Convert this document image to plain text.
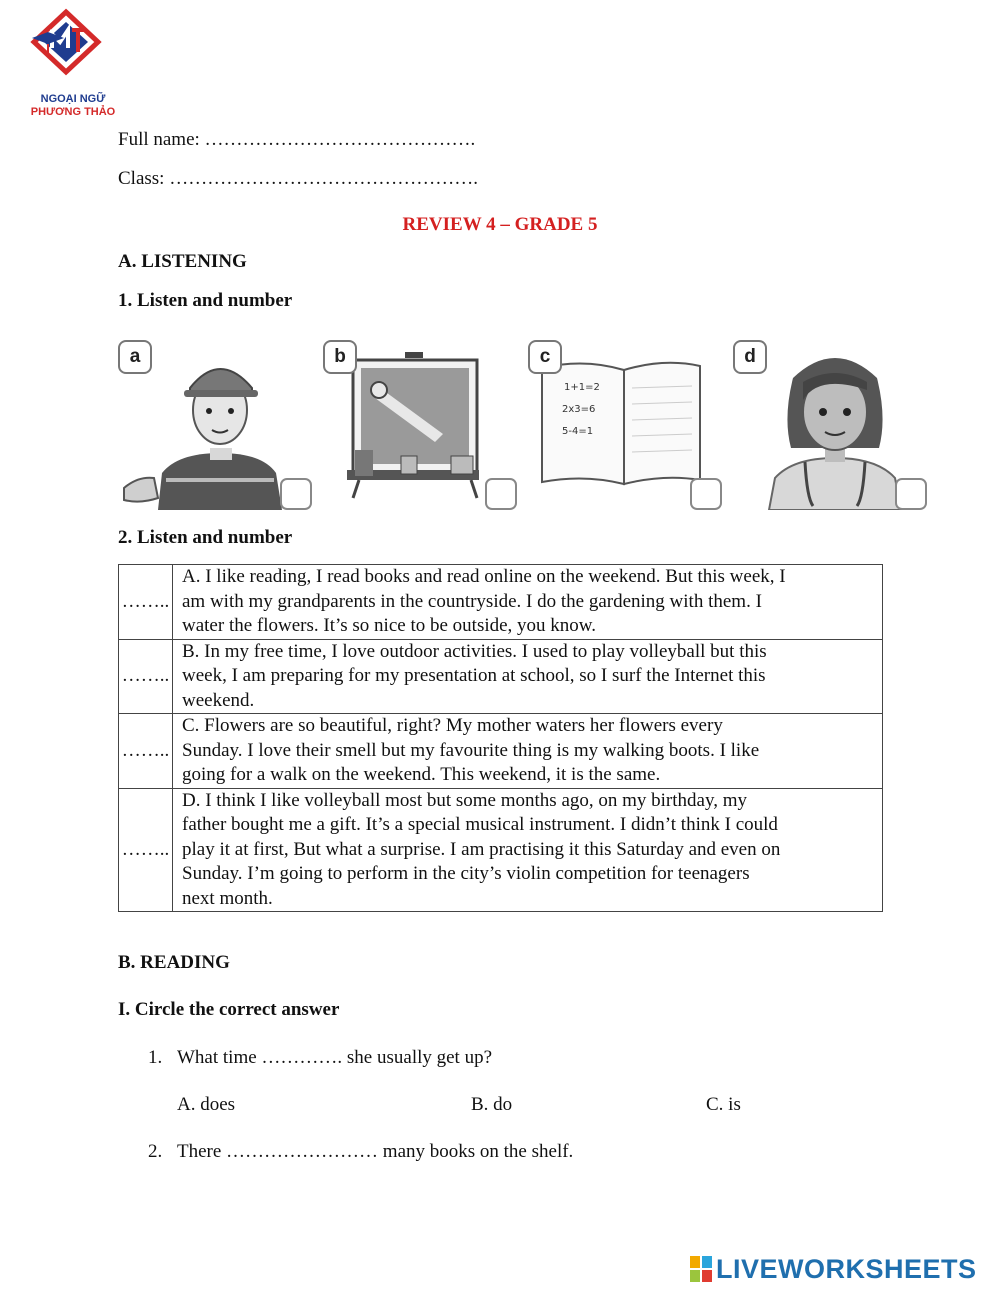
NGOẠI NGỮ
PHƯƠNG THẢO
Full name: …………………………………….
Class: ………………………………………….
REVIEW 4 – GRADE 5
A. LISTENING
1. Listen and number
a	b
1+1=2
2x3=6
5-4=1
c	d
2. Listen and number
……..	A. I like reading, I read books and read online on the weekend. But this week, I
am with my grandparents in the countryside. I do the gardening with them. I
water the flowers. It’s so nice to be outside, you know.

……..	B. In my free time, I love outdoor activities. I used to play volleyball but this
week, I am preparing for my presentation at school, so I surf the Internet this
weekend.

……..	C. Flowers are so beautiful, right? My mother waters her flowers every
Sunday. I love their smell but my favourite thing is my walking boots. I like
going for a walk on the weekend. This weekend, it is the same.

……..	D. I think I like volleyball most but some months ago, on my birthday, my
father bought me a gift. It’s a special musical instrument. I didn’t think I could
play it at first, But what a surprise. I am practising it this Saturday and even on
Sunday. I’m going to perform in the city’s violin competition for teenagers
next month.
B. READING
I. Circle the correct answer
1. What time …………. she usually get up?
A. does	B. do	C. is
2. There …………………… many books on the shelf.
LIVEWORKSHEETS
